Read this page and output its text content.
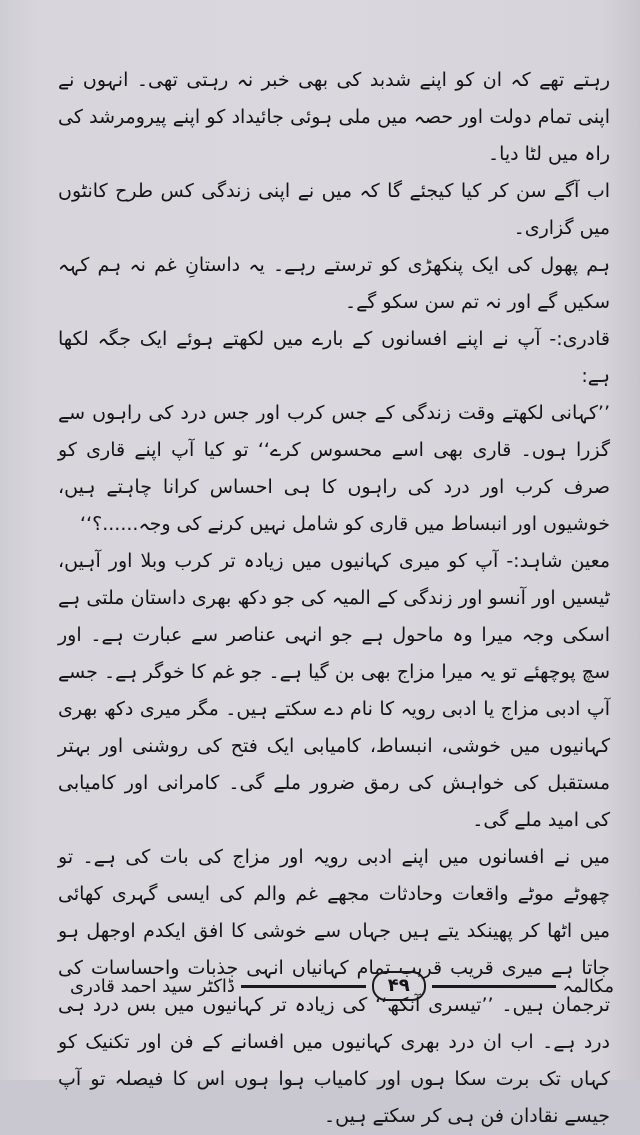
رہتے تھے کہ ان کو اپنے شدبد کی بھی خبر نہ رہتی تھی۔ انہوں نے اپنی تمام دولت اور حصہ میں ملی ہوئی جائیداد کو اپنے پیرومرشد کی راہ میں لٹا دیا۔

اب آگے سن کر کیا کیجئے گا کہ میں نے اپنی زندگی کس طرح کانٹوں میں گزاری۔

ہم پھول کی ایک پنکھڑی کو ترستے رہے۔ یہ داستانِ غم نہ ہم کہہ سکیں گے اور نہ تم سن سکو گے۔

قادری:- آپ نے اپنے افسانوں کے بارے میں لکھتے ہوئے ایک جگہ لکھا ہے:

’’کہانی لکھتے وقت زندگی کے جس کرب اور جس درد کی راہوں سے گزرا ہوں۔ قاری بھی اسے محسوس کرے‘‘ تو کیا آپ اپنے قاری کو صرف کرب اور درد کی راہوں کا ہی احساس کرانا چاہتے ہیں، خوشیوں اور انبساط میں قاری کو شامل نہیں کرنے کی وجہ......؟‘‘

معین شاہد:- آپ کو میری کہانیوں میں زیادہ تر کرب وبلا اور آہیں، ٹیسیں اور آنسو اور زندگی کے المیہ کی جو دکھ بھری داستان ملتی ہے اسکی وجہ میرا وہ ماحول ہے جو انہی عناصر سے عبارت ہے۔ اور سچ پوچھئے تو یہ میرا مزاج بھی بن گیا ہے۔ جو غم کا خوگر ہے۔ جسے آپ ادبی مزاج یا ادبی رویہ کا نام دے سکتے ہیں۔ مگر میری دکھ بھری کہانیوں میں خوشی، انبساط، کامیابی ایک فتح کی روشنی اور بہتر مستقبل کی خواہش کی رمق ضرور ملے گی۔ کامرانی اور کامیابی کی امید ملے گی۔

میں نے افسانوں میں اپنے ادبی رویہ اور مزاج کی بات کی ہے۔ تو چھوٹے موٹے واقعات وحادثات مجھے غم والم کی ایسی گہری کھائی میں اٹھا کر پھینکد یتے ہیں جہاں سے خوشی کا افق ایکدم اوجھل ہو جاتا ہے میری قریب قریب تمام کہانیاں انہی جذبات واحساسات کی ترجمان ہیں۔ ’’تیسری آنکھ‘‘ کی زیادہ تر کہانیوں میں بس درد ہی درد ہے۔ اب ان درد بھری کہانیوں میں افسانے کے فن اور تکنیک کو کہاں تک برت سکا ہوں اور کامیاب ہوا ہوں اس کا فیصلہ تو آپ جیسے نقادان فن ہی کر سکتے ہیں۔

مکالمہ
۴۹
ڈاکٹر سید احمد قادری
